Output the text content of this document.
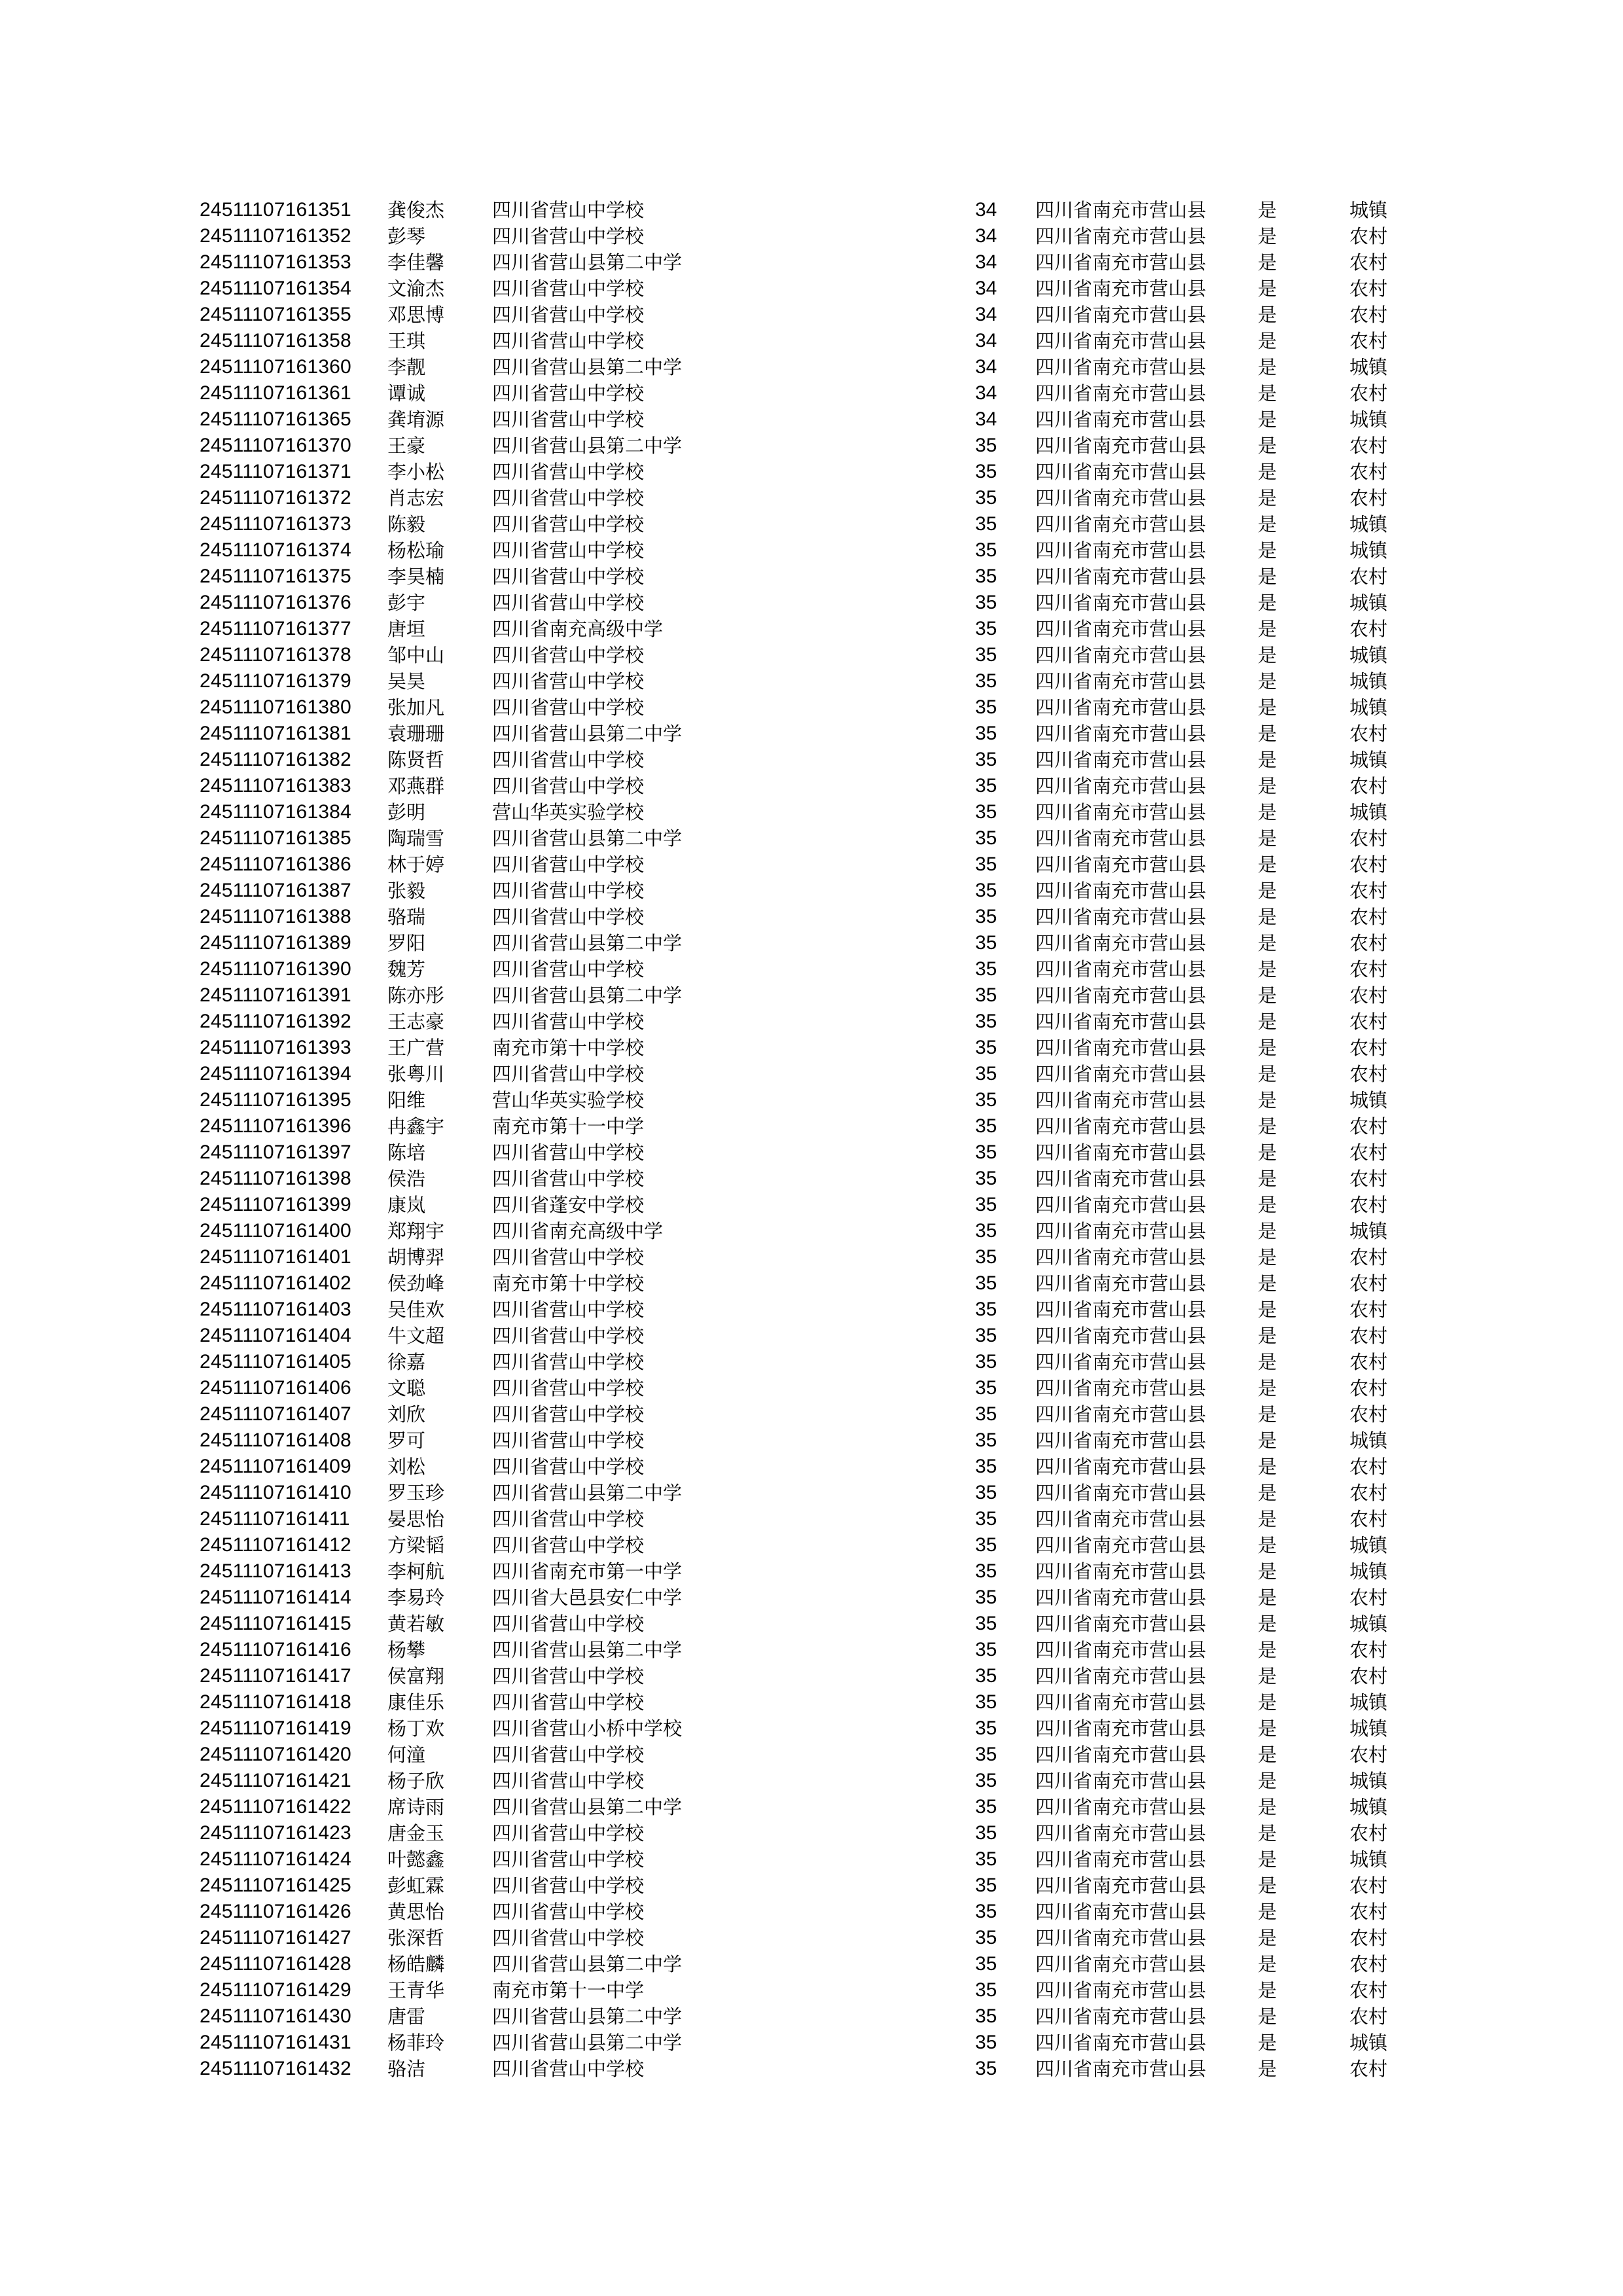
24511107161351	龚俊杰	四川省营山中学校	34	四川省南充市营山县	是	城镇
24511107161352	彭琴	四川省营山中学校	34	四川省南充市营山县	是	农村
24511107161353	李佳馨	四川省营山县第二中学	34	四川省南充市营山县	是	农村
24511107161354	文渝杰	四川省营山中学校	34	四川省南充市营山县	是	农村
24511107161355	邓思博	四川省营山中学校	34	四川省南充市营山县	是	农村
24511107161358	王琪	四川省营山中学校	34	四川省南充市营山县	是	农村
24511107161360	李靓	四川省营山县第二中学	34	四川省南充市营山县	是	城镇
24511107161361	谭诚	四川省营山中学校	34	四川省南充市营山县	是	农村
24511107161365	龚堉源	四川省营山中学校	34	四川省南充市营山县	是	城镇
24511107161370	王豪	四川省营山县第二中学	35	四川省南充市营山县	是	农村
24511107161371	李小松	四川省营山中学校	35	四川省南充市营山县	是	农村
24511107161372	肖志宏	四川省营山中学校	35	四川省南充市营山县	是	农村
24511107161373	陈毅	四川省营山中学校	35	四川省南充市营山县	是	城镇
24511107161374	杨松瑜	四川省营山中学校	35	四川省南充市营山县	是	城镇
24511107161375	李昊楠	四川省营山中学校	35	四川省南充市营山县	是	农村
24511107161376	彭宇	四川省营山中学校	35	四川省南充市营山县	是	城镇
24511107161377	唐垣	四川省南充高级中学	35	四川省南充市营山县	是	农村
24511107161378	邹中山	四川省营山中学校	35	四川省南充市营山县	是	城镇
24511107161379	吴昊	四川省营山中学校	35	四川省南充市营山县	是	城镇
24511107161380	张加凡	四川省营山中学校	35	四川省南充市营山县	是	城镇
24511107161381	袁珊珊	四川省营山县第二中学	35	四川省南充市营山县	是	农村
24511107161382	陈贤哲	四川省营山中学校	35	四川省南充市营山县	是	城镇
24511107161383	邓燕群	四川省营山中学校	35	四川省南充市营山县	是	农村
24511107161384	彭明	营山华英实验学校	35	四川省南充市营山县	是	城镇
24511107161385	陶瑞雪	四川省营山县第二中学	35	四川省南充市营山县	是	农村
24511107161386	林于婷	四川省营山中学校	35	四川省南充市营山县	是	农村
24511107161387	张毅	四川省营山中学校	35	四川省南充市营山县	是	农村
24511107161388	骆瑞	四川省营山中学校	35	四川省南充市营山县	是	农村
24511107161389	罗阳	四川省营山县第二中学	35	四川省南充市营山县	是	农村
24511107161390	魏芳	四川省营山中学校	35	四川省南充市营山县	是	农村
24511107161391	陈亦彤	四川省营山县第二中学	35	四川省南充市营山县	是	农村
24511107161392	王志豪	四川省营山中学校	35	四川省南充市营山县	是	农村
24511107161393	王广营	南充市第十中学校	35	四川省南充市营山县	是	农村
24511107161394	张粤川	四川省营山中学校	35	四川省南充市营山县	是	农村
24511107161395	阳维	营山华英实验学校	35	四川省南充市营山县	是	城镇
24511107161396	冉鑫宇	南充市第十一中学	35	四川省南充市营山县	是	农村
24511107161397	陈培	四川省营山中学校	35	四川省南充市营山县	是	农村
24511107161398	侯浩	四川省营山中学校	35	四川省南充市营山县	是	农村
24511107161399	康岚	四川省蓬安中学校	35	四川省南充市营山县	是	农村
24511107161400	郑翔宇	四川省南充高级中学	35	四川省南充市营山县	是	城镇
24511107161401	胡博羿	四川省营山中学校	35	四川省南充市营山县	是	农村
24511107161402	侯劲峰	南充市第十中学校	35	四川省南充市营山县	是	农村
24511107161403	吴佳欢	四川省营山中学校	35	四川省南充市营山县	是	农村
24511107161404	牛文超	四川省营山中学校	35	四川省南充市营山县	是	农村
24511107161405	徐嘉	四川省营山中学校	35	四川省南充市营山县	是	农村
24511107161406	文聪	四川省营山中学校	35	四川省南充市营山县	是	农村
24511107161407	刘欣	四川省营山中学校	35	四川省南充市营山县	是	农村
24511107161408	罗可	四川省营山中学校	35	四川省南充市营山县	是	城镇
24511107161409	刘松	四川省营山中学校	35	四川省南充市营山县	是	农村
24511107161410	罗玉珍	四川省营山县第二中学	35	四川省南充市营山县	是	农村
24511107161411	晏思怡	四川省营山中学校	35	四川省南充市营山县	是	农村
24511107161412	方梁韬	四川省营山中学校	35	四川省南充市营山县	是	城镇
24511107161413	李柯航	四川省南充市第一中学	35	四川省南充市营山县	是	城镇
24511107161414	李易玲	四川省大邑县安仁中学	35	四川省南充市营山县	是	农村
24511107161415	黄若敏	四川省营山中学校	35	四川省南充市营山县	是	城镇
24511107161416	杨攀	四川省营山县第二中学	35	四川省南充市营山县	是	农村
24511107161417	侯富翔	四川省营山中学校	35	四川省南充市营山县	是	农村
24511107161418	康佳乐	四川省营山中学校	35	四川省南充市营山县	是	城镇
24511107161419	杨丁欢	四川省营山小桥中学校	35	四川省南充市营山县	是	城镇
24511107161420	何潼	四川省营山中学校	35	四川省南充市营山县	是	农村
24511107161421	杨子欣	四川省营山中学校	35	四川省南充市营山县	是	城镇
24511107161422	席诗雨	四川省营山县第二中学	35	四川省南充市营山县	是	城镇
24511107161423	唐金玉	四川省营山中学校	35	四川省南充市营山县	是	农村
24511107161424	叶懿鑫	四川省营山中学校	35	四川省南充市营山县	是	城镇
24511107161425	彭虹霖	四川省营山中学校	35	四川省南充市营山县	是	农村
24511107161426	黄思怡	四川省营山中学校	35	四川省南充市营山县	是	农村
24511107161427	张深哲	四川省营山中学校	35	四川省南充市营山县	是	农村
24511107161428	杨皓麟	四川省营山县第二中学	35	四川省南充市营山县	是	农村
24511107161429	王青华	南充市第十一中学	35	四川省南充市营山县	是	农村
24511107161430	唐雷	四川省营山县第二中学	35	四川省南充市营山县	是	农村
24511107161431	杨菲玲	四川省营山县第二中学	35	四川省南充市营山县	是	城镇
24511107161432	骆洁	四川省营山中学校	35	四川省南充市营山县	是	农村
